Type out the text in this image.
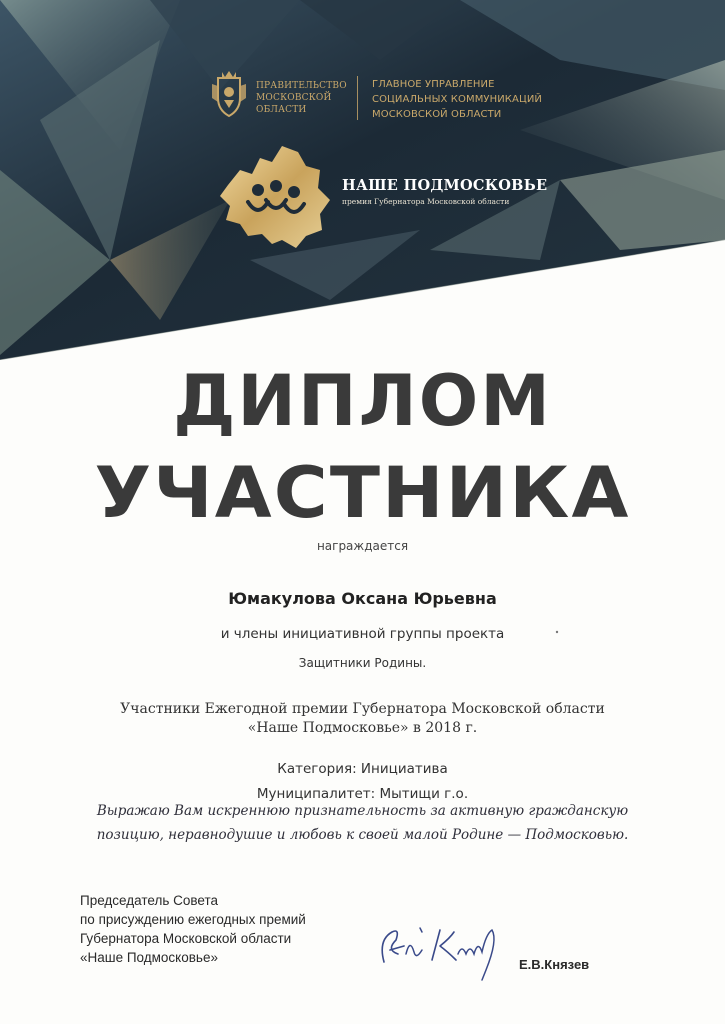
ПРАВИТЕЛЬСТВО
МОСКОВСКОЙ
ОБЛАСТИ
ГЛАВНОЕ УПРАВЛЕНИЕ
СОЦИАЛЬНЫХ КОММУНИКАЦИЙ
МОСКОВСКОЙ ОБЛАСТИ
НАШЕ ПОДМОСКОВЬЕ
премия Губернатора Московской области
ДИПЛОМ
УЧАСТНИКА
награждается
Юмакулова Оксана Юрьевна
и члены инициативной группы проекта
Защитники Родины.
Участники Ежегодной премии Губернатора Московской области
«Наше Подмосковье» в 2018 г.
Категория: Инициатива
Муниципалитет: Мытищи г.о.
Выражаю Вам искреннюю признательность за активную гражданскую
позицию, неравнодушие и любовь к своей малой Родине — Подмосковью.
Председатель Совета
по присуждению ежегодных премий
Губернатора Московской области
«Наше Подмосковье»	Е.В.Князев
